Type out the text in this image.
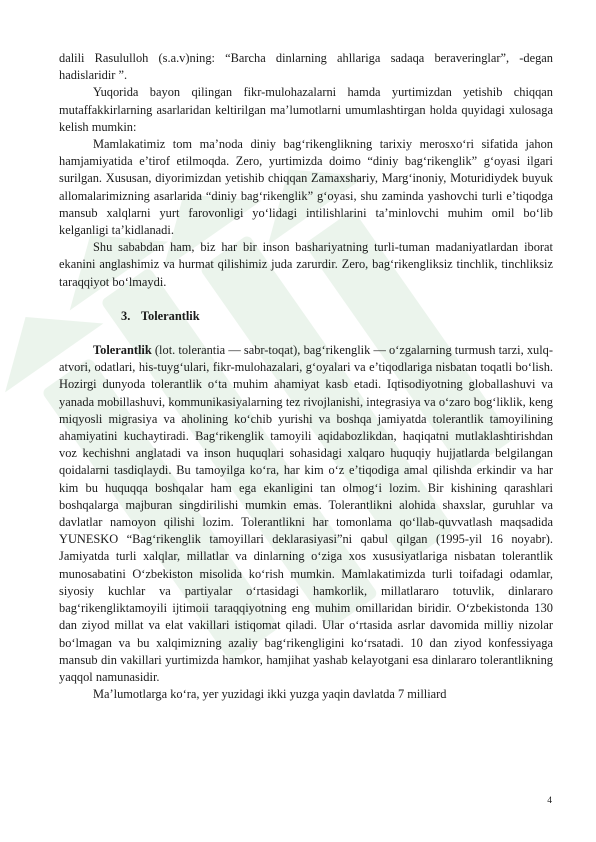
dalili Rasululloh (s.a.v)ning: “Barcha dinlarning ahllariga sadaqa beraveringlar”, -degan hadislaridir ”.

Yuqorida bayon qilingan fikr-mulohazalarni hamda yurtimizdan yetishib chiqqan mutaffakkirlarning asarlaridan keltirilgan ma’lumotlarni umumlashtirgan holda quyidagi xulosaga kelish mumkin:

Mamlakatimiz tom ma’noda diniy bag‘rikenglikning tarixiy merosxo‘ri sifatida jahon hamjamiyatida e’tirof etilmoqda. Zero, yurtimizda doimo “diniy bag‘rikenglik” g‘oyasi ilgari surilgan. Xususan, diyorimizdan yetishib chiqqan Zamaxshariy, Marg‘inoniy, Moturidiydek buyuk allomalarimizning asarlarida “diniy bag‘rikenglik” g‘oyasi, shu zaminda yashovchi turli e’tiqodga mansub xalqlarni yurt farovonligi yo‘lidagi intilishlarini ta’minlovchi muhim omil bo‘lib kelganligi ta’kidlanadi.

Shu sababdan ham, biz har bir inson bashariyatning turli-tuman madaniyatlardan iborat ekanini anglashimiz va hurmat qilishimiz juda zarurdir. Zero, bag‘rikengliksiz tinchlik, tinchliksiz taraqqiyot bo‘lmaydi.

3. Tolerantlik

Tolerantlik (lot. tolerantia — sabr-toqat), bag‘rikenglik — o‘zgalarning turmush tarzi, xulq-atvori, odatlari, his-tuyg‘ulari, fikr-mulohazalari, g‘oyalari va e’tiqodlariga nisbatan toqatli bo‘lish. Hozirgi dunyoda tolerantlik o‘ta muhim ahamiyat kasb etadi. Iqtisodiyotning globallashuvi va yanada mobillashuvi, kommunikasiyalarning tez rivojlanishi, integrasiya va o‘zaro bog‘liklik, keng miqyosli migrasiya va aholining ko‘chib yurishi va boshqa jamiyatda tolerantlik tamoyilining ahamiyatini kuchaytiradi. Bag‘rikenglik tamoyili aqidabozlikdan, haqiqatni mutlaklashtirishdan voz kechishni anglatadi va inson huquqlari sohasidagi xalqaro huquqiy hujjatlarda belgilangan qoidalarni tasdiqlaydi. Bu tamoyilga ko‘ra, har kim o‘z e’tiqodiga amal qilishda erkindir va har kim bu huquqqa boshqalar ham ega ekanligini tan olmog‘i lozim. Bir kishining qarashlari boshqalarga majburan singdirilishi mumkin emas. Tolerantlikni alohida shaxslar, guruhlar va davlatlar namoyon qilishi lozim. Tolerantlikni har tomonlama qo‘llab-quvvatlash maqsadida YUNESKO “Bag‘rikenglik tamoyillari deklarasiyasi”ni qabul qilgan (1995-yil 16 noyabr). Jamiyatda turli xalqlar, millatlar va dinlarning o‘ziga xos xususiyatlariga nisbatan tolerantlik munosabatini O‘zbekiston misolida ko‘rish mumkin. Mamlakatimizda turli toifadagi odamlar, siyosiy kuchlar va partiyalar o‘rtasidagi hamkorlik, millatlararo totuvlik, dinlararo bag‘rikengliktamoyili ijtimoii taraqqiyotning eng muhim omillaridan biridir. O‘zbekistonda 130 dan ziyod millat va elat vakillari istiqomat qiladi. Ular o‘rtasida asrlar davomida milliy nizolar bo‘lmagan va bu xalqimizning azaliy bag‘rikengligini ko‘rsatadi. 10 dan ziyod konfessiyaga mansub din vakillari yurtimizda hamkor, hamjihat yashab kelayotgani esa dinlararo tolerantlikning yaqqol namunasidir.

Ma’lumotlarga ko‘ra, yer yuzidagi ikki yuzga yaqin davlatda 7 milliard

4
